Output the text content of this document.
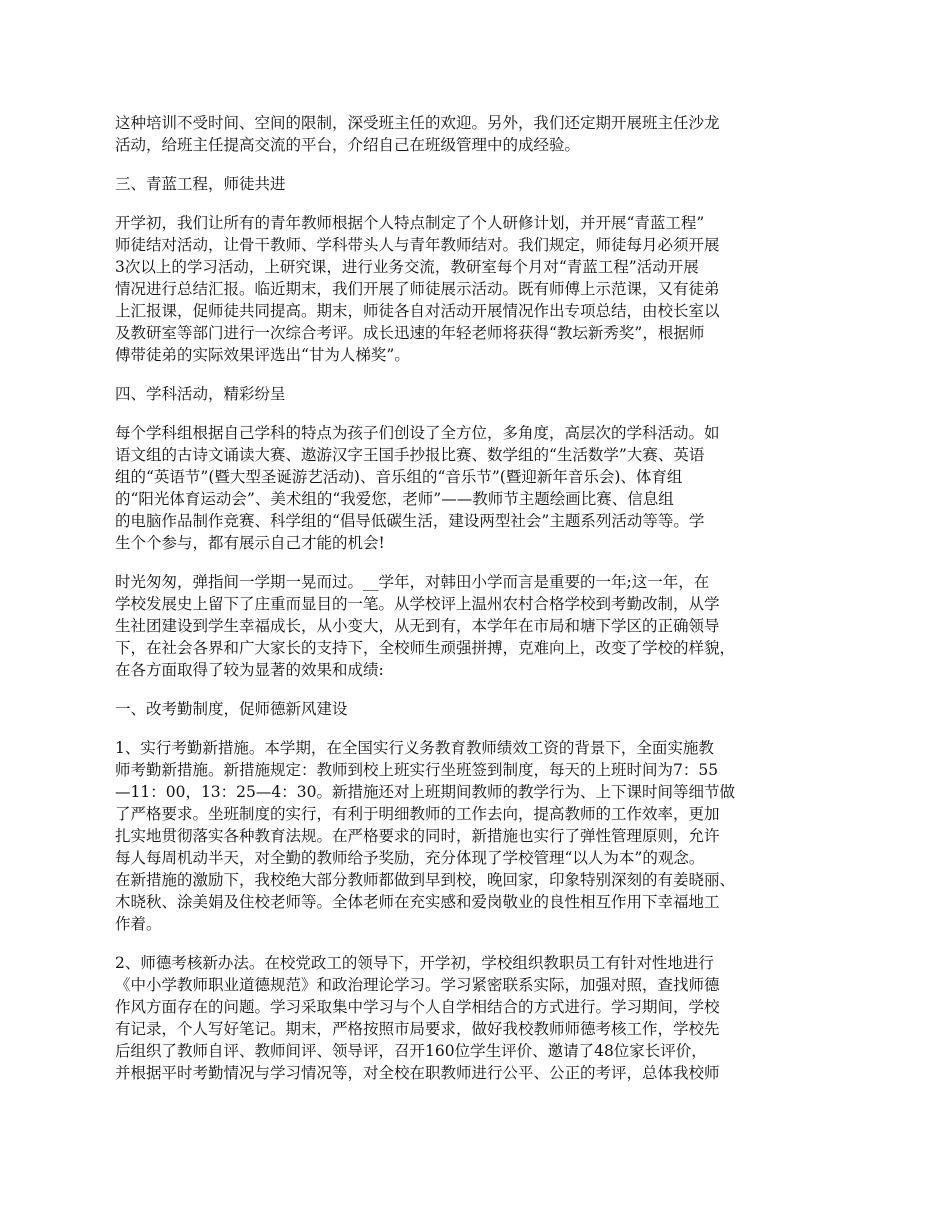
这种培训不受时间、空间的限制，深受班主任的欢迎。另外，我们还定期开展班主任沙龙
活动，给班主任提高交流的平台，介绍自己在班级管理中的成经验。
三、青蓝工程，师徒共进
开学初，我们让所有的青年教师根据个人特点制定了个人研修计划，并开展“青蓝工程”
师徒结对活动，让骨干教师、学科带头人与青年教师结对。我们规定，师徒每月必须开展
3次以上的学习活动，上研究课，进行业务交流，教研室每个月对“青蓝工程”活动开展
情况进行总结汇报。临近期末，我们开展了师徒展示活动。既有师傅上示范课，又有徒弟
上汇报课，促师徒共同提高。期末，师徒各自对活动开展情况作出专项总结，由校长室以
及教研室等部门进行一次综合考评。成长迅速的年轻老师将获得“教坛新秀奖”，根据师
傅带徒弟的实际效果评选出“甘为人梯奖”。
四、学科活动，精彩纷呈
每个学科组根据自己学科的特点为孩子们创设了全方位，多角度，高层次的学科活动。如
语文组的古诗文诵读大赛、遨游汉字王国手抄报比赛、数学组的“生活数学”大赛、英语
组的“英语节”(暨大型圣诞游艺活动)、音乐组的“音乐节”(暨迎新年音乐会)、体育组
的“阳光体育运动会”、美术组的“我爱您，老师”——教师节主题绘画比赛、信息组
的电脑作品制作竞赛、科学组的“倡导低碳生活，建设两型社会”主题系列活动等等。学
生个个参与，都有展示自己才能的机会!
时光匆匆，弹指间一学期一晃而过。__学年，对韩田小学而言是重要的一年;这一年，在
学校发展史上留下了庄重而显目的一笔。从学校评上温州农村合格学校到考勤改制，从学
生社团建设到学生幸福成长，从小变大，从无到有，本学年在市局和塘下学区的正确领导
下，在社会各界和广大家长的支持下，全校师生顽强拼搏，克难向上，改变了学校的样貌，
在各方面取得了较为显著的效果和成绩:
一、改考勤制度，促师德新风建设
1、实行考勤新措施。本学期，在全国实行义务教育教师绩效工资的背景下，全面实施教
师考勤新措施。新措施规定：教师到校上班实行坐班签到制度，每天的上班时间为7：55
—11：00，13：25—4：30。新措施还对上班期间教师的教学行为、上下课时间等细节做
了严格要求。坐班制度的实行，有利于明细教师的工作去向，提高教师的工作效率，更加
扎实地贯彻落实各种教育法规。在严格要求的同时，新措施也实行了弹性管理原则，允许
每人每周机动半天，对全勤的教师给予奖励，充分体现了学校管理“以人为本”的观念。
在新措施的激励下，我校绝大部分教师都做到早到校，晚回家，印象特别深刻的有姜晓丽、
木晓秋、涂美娟及住校老师等。全体老师在充实感和爱岗敬业的良性相互作用下幸福地工
作着。
2、师德考核新办法。在校党政工的领导下，开学初，学校组织教职员工有针对性地进行
《中小学教师职业道德规范》和政治理论学习。学习紧密联系实际，加强对照，查找师德
作风方面存在的问题。学习采取集中学习与个人自学相结合的方式进行。学习期间，学校
有记录，个人写好笔记。期末，严格按照市局要求，做好我校教师师德考核工作，学校先
后组织了教师自评、教师间评、领导评，召开160位学生评价、邀请了48位家长评价，
并根据平时考勤情况与学习情况等，对全校在职教师进行公平、公正的考评，总体我校师
